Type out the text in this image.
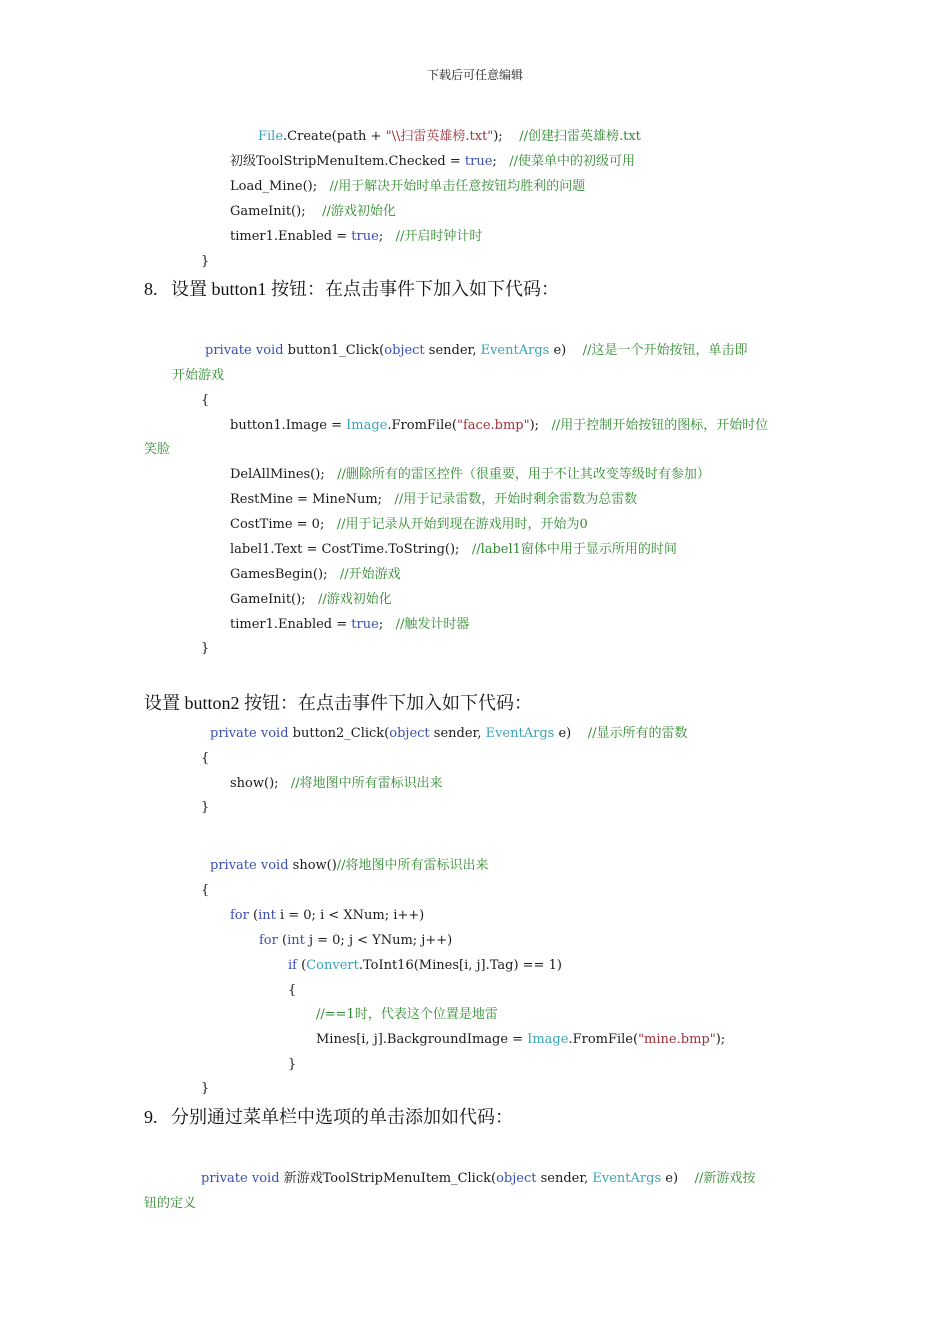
下载后可任意编辑
8.   设置 button1 按钮：在点击事件下加入如下代码：
设置 button2 按钮：在点击事件下加入如下代码：
9.   分别通过菜单栏中选项的单击添加如代码：
File.Create(path + "\\扫雷英雄榜.txt");    //创建扫雷英雄榜.txt
初级ToolStripMenuItem.Checked = true;   //使菜单中的初级可用
Load_Mine();   //用于解决开始时单击任意按钮均胜利的问题
GameInit();    //游戏初始化
timer1.Enabled = true;   //开启时钟计时
}
private void button1_Click(object sender, EventArgs e)    //这是一个开始按钮，单击即
开始游戏
{
button1.Image = Image.FromFile("face.bmp");   //用于控制开始按钮的图标，开始时位
笑脸
DelAllMines();   //删除所有的雷区控件（很重要，用于不让其改变等级时有参加）
RestMine = MineNum;   //用于记录雷数，开始时剩余雷数为总雷数
CostTime = 0;   //用于记录从开始到现在游戏用时，开始为0
label1.Text = CostTime.ToString();   //label1窗体中用于显示所用的时间
GamesBegin();   //开始游戏
GameInit();   //游戏初始化
timer1.Enabled = true;   //触发计时器
}
private void button2_Click(object sender, EventArgs e)    //显示所有的雷数
{
show();   //将地图中所有雷标识出来
}
private void show()//将地图中所有雷标识出来
{
for (int i = 0; i < XNum; i++)
for (int j = 0; j < YNum; j++)
if (Convert.ToInt16(Mines[i, j].Tag) == 1)
{
//==1时，代表这个位置是地雷
Mines[i, j].BackgroundImage = Image.FromFile("mine.bmp");
}
}
private void 新游戏ToolStripMenuItem_Click(object sender, EventArgs e)    //新游戏按
钮的定义
